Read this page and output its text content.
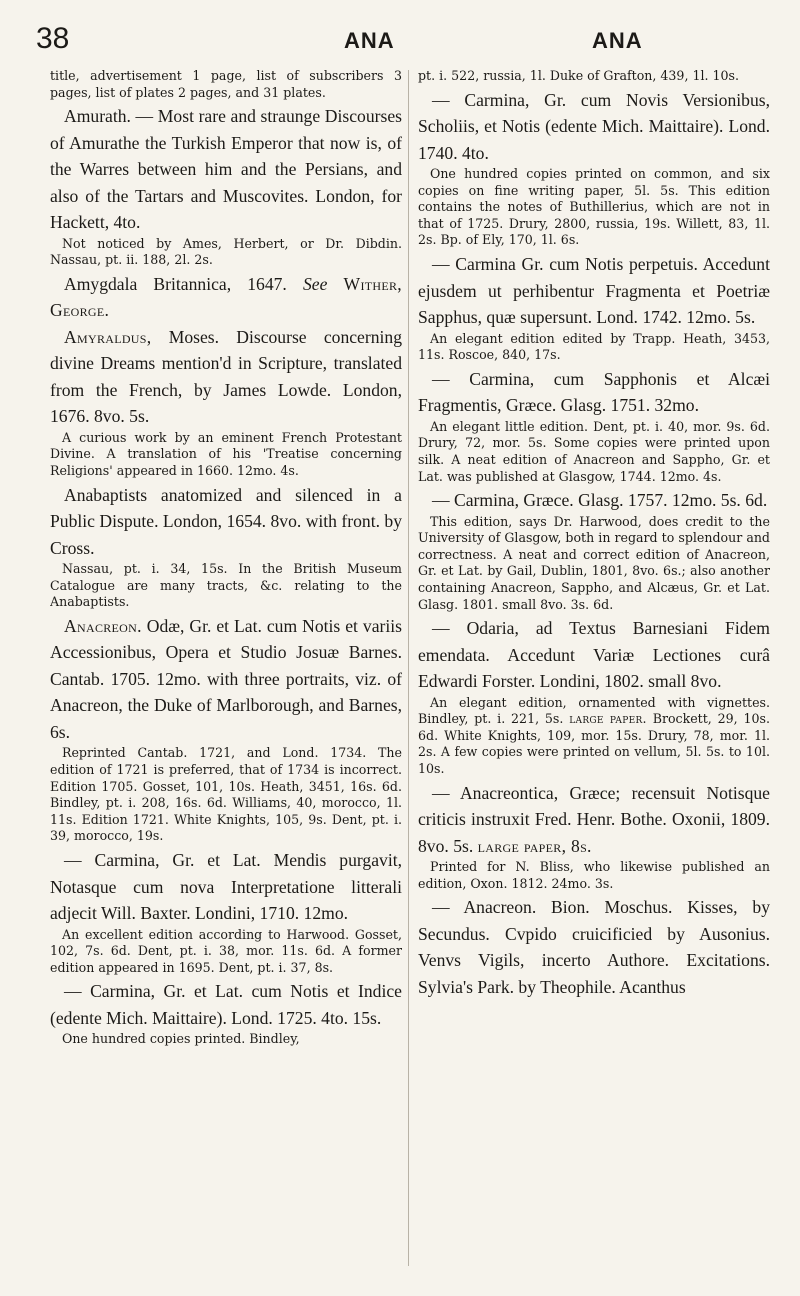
38	ANA	ANA

title, advertisement 1 page, list of subscribers 3 pages, list of plates 2 pages, and 31 plates.

Amurath. — Most rare and straunge Discourses of Amurathe the Turkish Emperor that now is, of the Warres between him and the Persians, and also of the Tartars and Muscovites. London, for Hackett, 4to.

Not noticed by Ames, Herbert, or Dr. Dibdin. Nassau, pt. ii. 188, 2l. 2s.

Amygdala Britannica, 1647. See Wither, George.

Amyraldus, Moses. Discourse concerning divine Dreams mention'd in Scripture, translated from the French, by James Lowde. London, 1676. 8vo. 5s.

A curious work by an eminent French Protestant Divine. A translation of his 'Treatise concerning Religions' appeared in 1660. 12mo. 4s.

Anabaptists anatomized and silenced in a Public Dispute. London, 1654. 8vo. with front. by Cross.

Nassau, pt. i. 34, 15s. In the British Museum Catalogue are many tracts, &c. relating to the Anabaptists.

Anacreon. Odæ, Gr. et Lat. cum Notis et variis Accessionibus, Opera et Studio Josuæ Barnes. Cantab. 1705. 12mo. with three portraits, viz. of Anacreon, the Duke of Marlborough, and Barnes, 6s.

Reprinted Cantab. 1721, and Lond. 1734. The edition of 1721 is preferred, that of 1734 is incorrect. Edition 1705. Gosset, 101, 10s. Heath, 3451, 16s. 6d. Bindley, pt. i. 208, 16s. 6d. Williams, 40, morocco, 1l. 11s. Edition 1721. White Knights, 105, 9s. Dent, pt. i. 39, morocco, 19s.

— Carmina, Gr. et Lat. Mendis purgavit, Notasque cum nova Interpretatione litterali adjecit Will. Baxter. Londini, 1710. 12mo.

An excellent edition according to Harwood. Gosset, 102, 7s. 6d. Dent, pt. i. 38, mor. 11s. 6d. A former edition appeared in 1695. Dent, pt. i. 37, 8s.

— Carmina, Gr. et Lat. cum Notis et Indice (edente Mich. Maittaire). Lond. 1725. 4to. 15s.

One hundred copies printed. Bindley,

pt. i. 522, russia, 1l. Duke of Grafton, 439, 1l. 10s.

— Carmina, Gr. cum Novis Versionibus, Scholiis, et Notis (edente Mich. Maittaire). Lond. 1740. 4to.

One hundred copies printed on common, and six copies on fine writing paper, 5l. 5s. This edition contains the notes of Buthillerius, which are not in that of 1725. Drury, 2800, russia, 19s. Willett, 83, 1l. 2s. Bp. of Ely, 170, 1l. 6s.

— Carmina Gr. cum Notis perpetuis. Accedunt ejusdem ut perhibentur Fragmenta et Poetriæ Sapphus, quæ supersunt. Lond. 1742. 12mo. 5s.

An elegant edition edited by Trapp. Heath, 3453, 11s. Roscoe, 840, 17s.

— Carmina, cum Sapphonis et Alcæi Fragmentis, Græce. Glasg. 1751. 32mo.

An elegant little edition. Dent, pt. i. 40, mor. 9s. 6d. Drury, 72, mor. 5s. Some copies were printed upon silk. A neat edition of Anacreon and Sappho, Gr. et Lat. was published at Glasgow, 1744. 12mo. 4s.

— Carmina, Græce. Glasg. 1757. 12mo. 5s. 6d.

This edition, says Dr. Harwood, does credit to the University of Glasgow, both in regard to splendour and correctness. A neat and correct edition of Anacreon, Gr. et Lat. by Gail, Dublin, 1801, 8vo. 6s.; also another containing Anacreon, Sappho, and Alcæus, Gr. et Lat. Glasg. 1801. small 8vo. 3s. 6d.

— Odaria, ad Textus Barnesiani Fidem emendata. Accedunt Variæ Lectiones curâ Edwardi Forster. Londini, 1802. small 8vo.

An elegant edition, ornamented with vignettes. Bindley, pt. i. 221, 5s. large paper. Brockett, 29, 10s. 6d. White Knights, 109, mor. 15s. Drury, 78, mor. 1l. 2s. A few copies were printed on vellum, 5l. 5s. to 10l. 10s.

— Anacreontica, Græce; recensuit Notisque criticis instruxit Fred. Henr. Bothe. Oxonii, 1809. 8vo. 5s. large paper, 8s.

Printed for N. Bliss, who likewise published an edition, Oxon. 1812. 24mo. 3s.

— Anacreon. Bion. Moschus. Kisses, by Secundus. Cvpido cruicificied by Ausonius. Venvs Vigils, incerto Authore. Excitations. Sylvia's Park. by Theophile. Acanthus
